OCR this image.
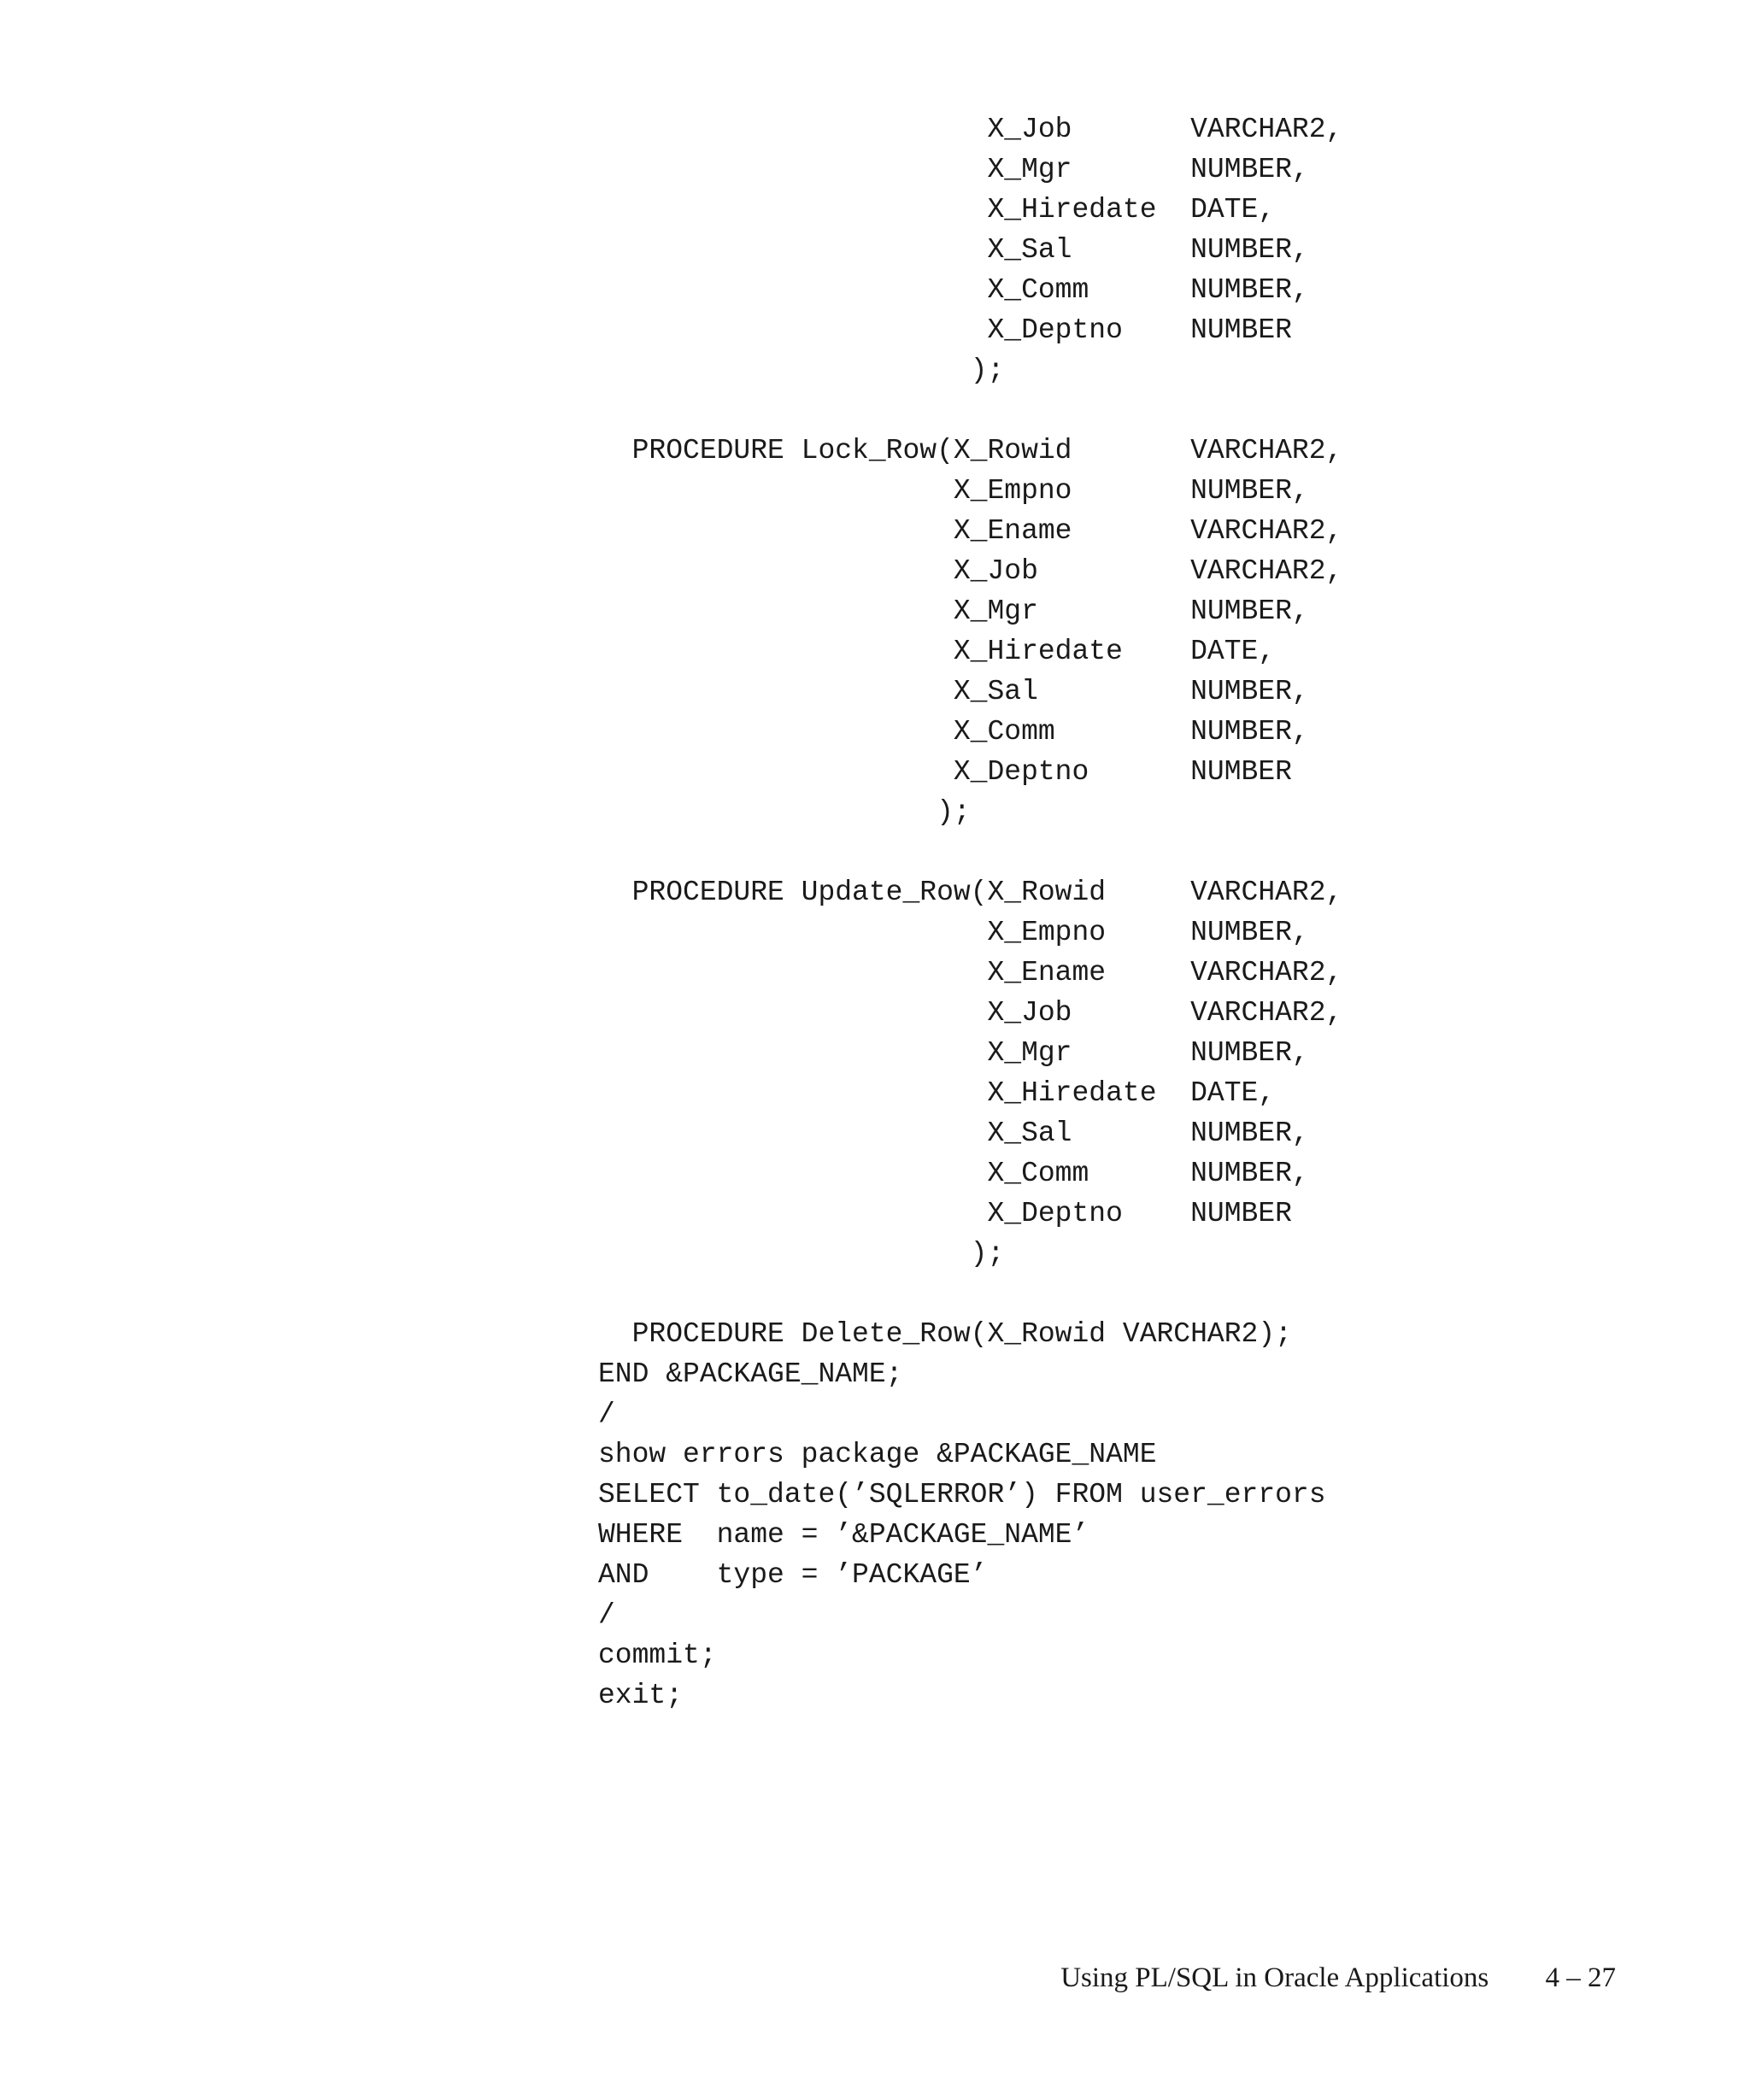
X_Job       VARCHAR2,
X_Mgr       NUMBER,
X_Hiredate  DATE,
X_Sal       NUMBER,
X_Comm      NUMBER,
X_Deptno    NUMBER
);
PROCEDURE Lock_Row(X_Rowid       VARCHAR2,
X_Empno       NUMBER,
X_Ename       VARCHAR2,
X_Job         VARCHAR2,
X_Mgr         NUMBER,
X_Hiredate    DATE,
X_Sal         NUMBER,
X_Comm        NUMBER,
X_Deptno      NUMBER
);
PROCEDURE Update_Row(X_Rowid     VARCHAR2,
X_Empno     NUMBER,
X_Ename     VARCHAR2,
X_Job       VARCHAR2,
X_Mgr       NUMBER,
X_Hiredate  DATE,
X_Sal       NUMBER,
X_Comm      NUMBER,
X_Deptno    NUMBER
);
PROCEDURE Delete_Row(X_Rowid VARCHAR2);
END &PACKAGE_NAME;
/
show errors package &PACKAGE_NAME
SELECT to_date(’SQLERROR’) FROM user_errors
WHERE  name = ’&PACKAGE_NAME’
AND    type = ’PACKAGE’
/
commit;
exit;
Using PL/SQL in Oracle Applications 4 – 27
